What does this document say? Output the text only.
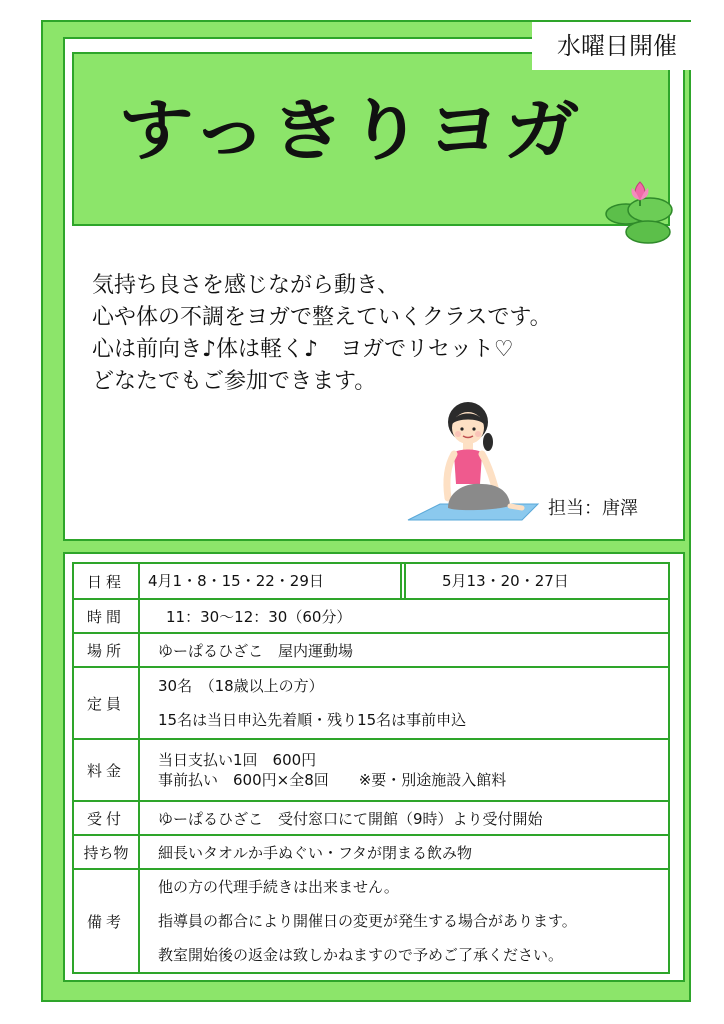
すっきりヨガ
水曜日開催
気持ち良さを感じながら動き、
心や体の不調をヨガで整えていくクラスです。
心は前向き♪体は軽く♪　ヨガでリセット♡
どなたでもご参加できます。
担当：唐澤
日程	4月1・8・15・22・29日 5月13・20・27日

時間	11：30～12：30（60分）
場所	ゆーぱるひざこ　屋内運動場
定員	30名　（18歳以上の方）
15名は当日申込先着順・残り15名は事前申込

料金	当日支払い1回　600円
事前払い　600円×全8回　　※要・別途施設入館料

受付	ゆーぱるひざこ　受付窓口にて開館（9時）より受付開始
持ち物	細長いタオルか手ぬぐい・フタが閉まる飲み物
備考	他の方の代理手続きは出来ません。
指導員の都合により開催日の変更が発生する場合があります。
教室開始後の返金は致しかねますので予めご了承ください。
